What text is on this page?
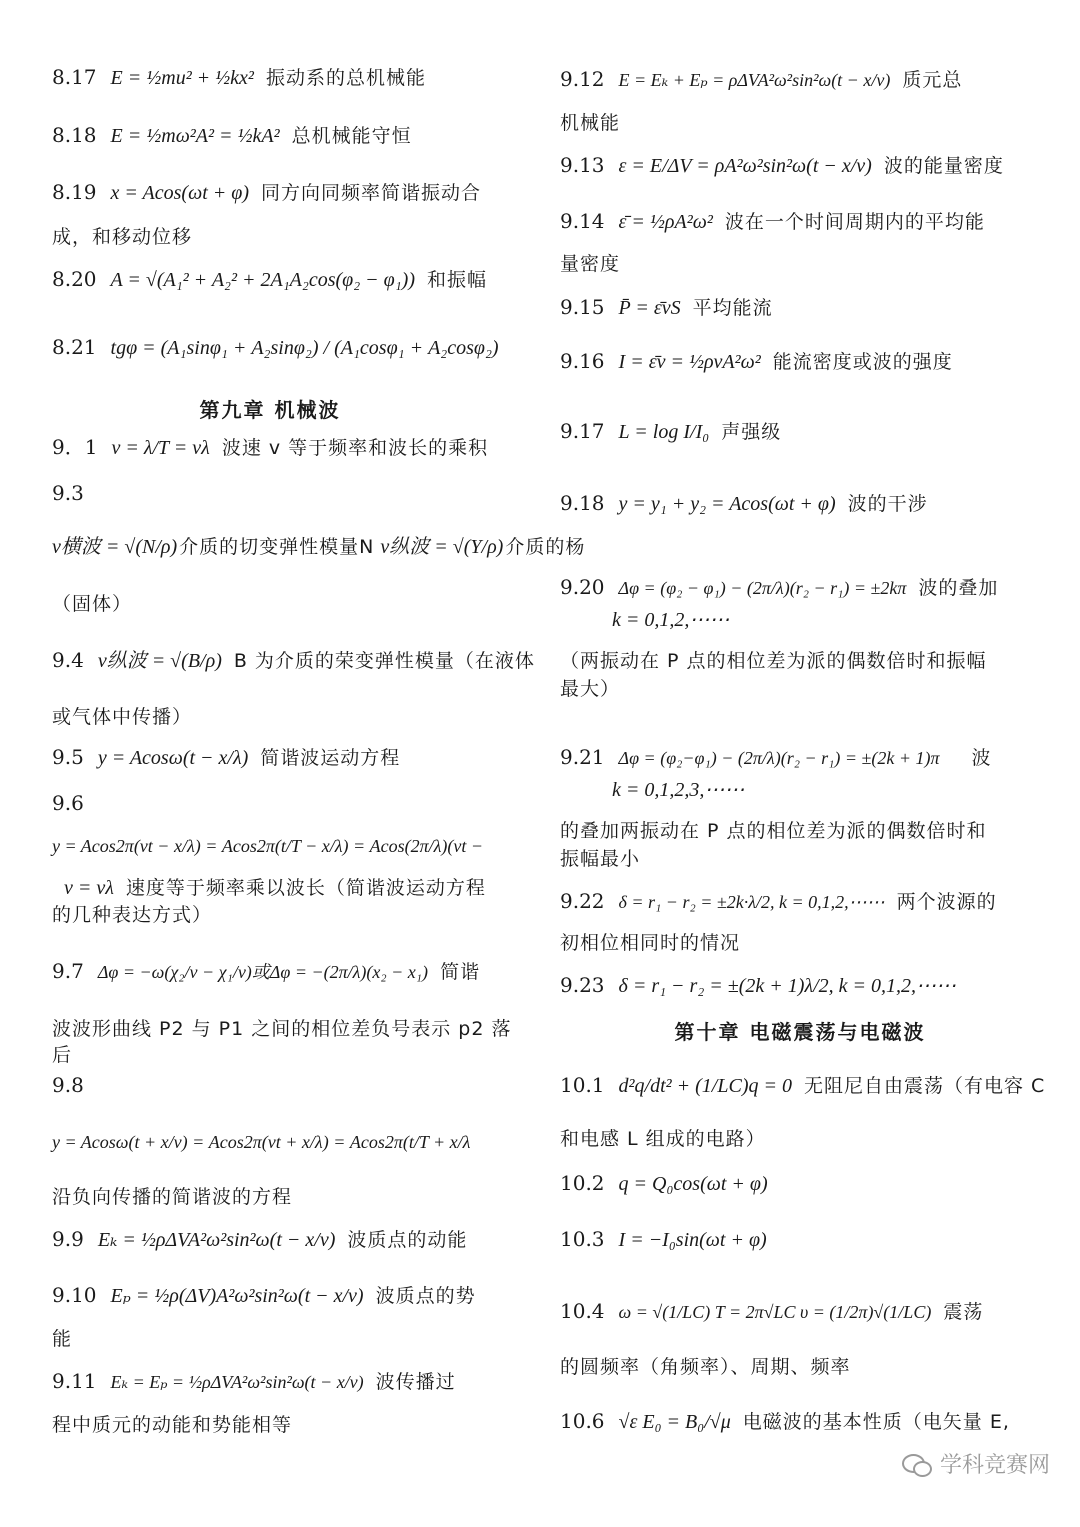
8.17 E = ½mu² + ½kx² 振动系的总机械能
8.18 E = ½mω²A² = ½kA² 总机械能守恒
8.19 x = Acos(ωt + φ) 同方向同频率简谐振动合
成，和移动位移
8.20 A = √(A₁² + A₂² + 2A₁A₂cos(φ₂ − φ₁)) 和振幅
8.21 tgφ = (A₁sinφ₁ + A₂sinφ₂) / (A₁cosφ₁ + A₂cosφ₂)
第九章 机械波
9．1 v = λ/T = νλ 波速 v 等于频率和波长的乘积
9.3
v横波 = √(N/ρ) 介质的切变弹性模量N v纵波 = √(Y/ρ) 介质的杨
（固体）
9.4 v纵波 = √(B/ρ) B 为介质的荣变弹性模量（在液体
或气体中传播）
9.5 y = Acosω(t − x/λ) 简谐波运动方程
9.6
y = Acos2π(vt − x/λ) = Acos2π(t/T − x/λ) = Acos(2π/λ)(vt −
v = νλ 速度等于频率乘以波长（简谐波运动方程
的几种表达方式）
9.7 Δφ = −ω(χ₂/v − χ₁/v)或Δφ = −(2π/λ)(x₂ − x₁) 简谐
波波形曲线 P2 与 P1 之间的相位差负号表示 p2 落
后
9.8
y = Acosω(t + x/v) = Acos2π(vt + x/λ) = Acos2π(t/T + x/λ
沿负向传播的简谐波的方程
9.9 Eₖ = ½ρΔVA²ω²sin²ω(t − x/v) 波质点的动能
9.10 Eₚ = ½ρ(ΔV)A²ω²sin²ω(t − x/v) 波质点的势
能
9.11 Eₖ = Eₚ = ½ρΔVA²ω²sin²ω(t − x/v) 波传播过
程中质元的动能和势能相等
9.12 E = Eₖ + Eₚ = ρΔVA²ω²sin²ω(t − x/v) 质元总
机械能
9.13 ε = E/ΔV = ρA²ω²sin²ω(t − x/v) 波的能量密度
9.14 ε̄ = ½ρA²ω² 波在一个时间周期内的平均能
量密度
9.15 P̄ = ε̄vS 平均能流
9.16 I = ε̄v = ½ρvA²ω² 能流密度或波的强度
9.17 L = log I/I₀ 声强级
9.18 y = y₁ + y₂ = Acos(ωt + φ) 波的干涉
9.20 Δφ = (φ₂ − φ₁) − (2π/λ)(r₂ − r₁) = ±2kπ 波的叠加
k = 0,1,2,⋯⋯
（两振动在 P 点的相位差为派的偶数倍时和振幅
最大）
9.21 Δφ = (φ₂−φ₁) − (2π/λ)(r₂ − r₁) = ±(2k + 1)π 波
k = 0,1,2,3,⋯⋯
的叠加两振动在 P 点的相位差为派的偶数倍时和
振幅最小
9.22 δ = r₁ − r₂ = ±2k·λ/2, k = 0,1,2,⋯⋯ 两个波源的
初相位相同时的情况
9.23 δ = r₁ − r₂ = ±(2k + 1)λ/2, k = 0,1,2,⋯⋯
第十章 电磁震荡与电磁波
10.1 d²q/dt² + (1/LC)q = 0 无阻尼自由震荡（有电容 C
和电感 L 组成的电路）
10.2 q = Q₀cos(ωt + φ)
10.3 I = −I₀sin(ωt + φ)
10.4 ω = √(1/LC) T = 2π√LC υ = (1/2π)√(1/LC) 震荡
的圆频率（角频率）、周期、频率
10.6 √ε E₀ = B₀/√μ 电磁波的基本性质（电矢量 E,
学科竞赛网
